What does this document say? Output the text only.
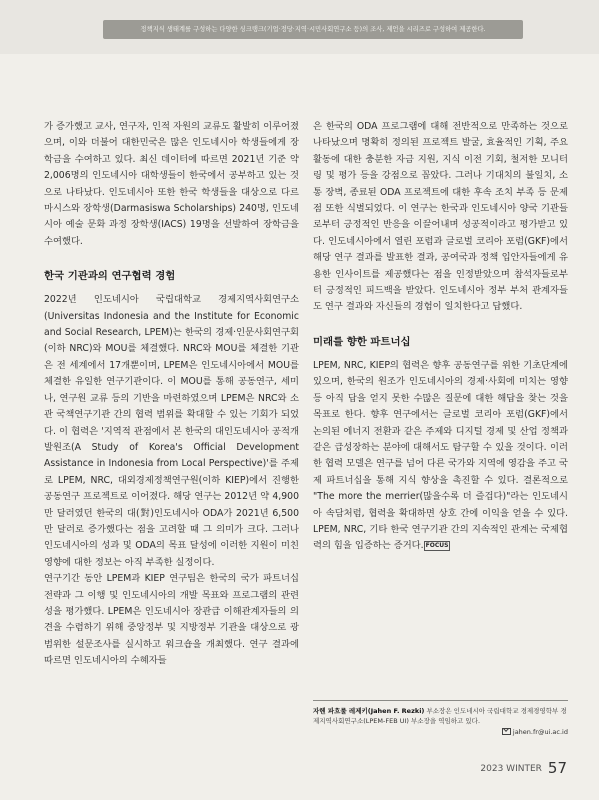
정책지식 생태계를 구성하는 다양한 싱크탱크(기업·정당·지역·시민사회연구소 등)의 조사, 제언을 시리즈로 구성하여 제공한다.

가 증가했고 교사, 연구자, 인적 자원의 교류도 활발히 이루어졌으며, 이와 더불어 대한민국은 많은 인도네시아 학생들에게 장학금을 수여하고 있다. 최신 데이터에 따르면 2021년 기준 약 2,006명의 인도네시아 대학생들이 한국에서 공부하고 있는 것으로 나타났다. 인도네시아 또한 한국 학생들을 대상으로 다르마시스와 장학생(Darmasiswa Scholarships) 240명, 인도네시아 예술 문화 과정 장학생(IACS) 19명을 선발하여 장학금을 수여했다.

한국 기관과의 연구협력 경험

2022년 인도네시아 국립대학교 경제지역사회연구소(Universitas Indonesia and the Institute for Economic and Social Research, LPEM)는 한국의 경제·인문사회연구회(이하 NRC)와 MOU를 체결했다. NRC와 MOU를 체결한 기관은 전 세계에서 17개뿐이며, LPEM은 인도네시아에서 MOU를 체결한 유일한 연구기관이다. 이 MOU를 통해 공동연구, 세미나, 연구원 교류 등의 기반을 마련하였으며 LPEM은 NRC와 소관 국책연구기관 간의 협력 범위를 확대할 수 있는 기회가 되었다. 이 협력은 '지역적 관점에서 본 한국의 대인도네시아 공적개발원조(A Study of Korea's Official Development Assistance in Indonesia from Local Perspective)'를 주제로 LPEM, NRC, 대외경제정책연구원(이하 KIEP)에서 진행한 공동연구 프로젝트로 이어졌다. 해당 연구는 2012년 약 4,900만 달러였던 한국의 대(對)인도네시아 ODA가 2021년 6,500만 달러로 증가했다는 점을 고려할 때 그 의미가 크다. 그러나 인도네시아의 성과 및 ODA의 목표 달성에 이러한 지원이 미친 영향에 대한 정보는 아직 부족한 실정이다.

연구기간 동안 LPEM과 KIEP 연구팀은 한국의 국가 파트너십 전략과 그 이행 및 인도네시아의 개발 목표와 프로그램의 관련성을 평가했다. LPEM은 인도네시아 장관급 이해관계자들의 의견을 수렴하기 위해 중앙정부 및 지방정부 기관을 대상으로 광범위한 설문조사를 실시하고 워크숍을 개최했다. 연구 결과에 따르면 인도네시아의 수혜자들

은 한국의 ODA 프로그램에 대해 전반적으로 만족하는 것으로 나타났으며 명확히 정의된 프로젝트 발굴, 효율적인 기획, 주요 활동에 대한 충분한 자금 지원, 지식 이전 기회, 철저한 모니터링 및 평가 등을 강점으로 꼽았다. 그러나 기대치의 불일치, 소통 장벽, 종료된 ODA 프로젝트에 대한 후속 조치 부족 등 문제점 또한 식별되었다. 이 연구는 한국과 인도네시아 양국 기관들로부터 긍정적인 반응을 이끌어내며 성공적이라고 평가받고 있다. 인도네시아에서 열린 포럼과 글로벌 코리아 포럼(GKF)에서 해당 연구 결과를 발표한 결과, 공여국과 정책 입안자들에게 유용한 인사이트를 제공했다는 점을 인정받았으며 참석자들로부터 긍정적인 피드백을 받았다. 인도네시아 정부 부처 관계자들도 연구 결과와 자신들의 경험이 일치한다고 답했다.

미래를 향한 파트너십

LPEM, NRC, KIEP의 협력은 향후 공동연구를 위한 기초단계에 있으며, 한국의 원조가 인도네시아의 경제·사회에 미치는 영향 등 아직 답을 얻지 못한 수많은 질문에 대한 해답을 찾는 것을 목표로 한다. 향후 연구에서는 글로벌 코리아 포럼(GKF)에서 논의된 에너지 전환과 같은 주제와 디지털 경제 및 산업 정책과 같은 급성장하는 분야에 대해서도 탐구할 수 있을 것이다. 이러한 협력 모델은 연구를 넘어 다른 국가와 지역에 영감을 주고 국제 파트너십을 통해 지식 향상을 촉진할 수 있다. 결론적으로 "The more the merrier(많을수록 더 즐겁다)"라는 인도네시아 속담처럼, 협력을 확대하면 상호 간에 이익을 얻을 수 있다. LPEM, NRC, 기타 한국 연구기관 간의 지속적인 관계는 국제협력의 힘을 입증하는 증거다. FOCUS

자헨 파흐룰 레제키(Jahen F. Rezki) 부소장은 인도네시아 국립대학교 경제경영학부 경제지역사회연구소(LPEM-FEB UI) 부소장을 역임하고 있다.
jahen.fr@ui.ac.id
2023 WINTER 57
